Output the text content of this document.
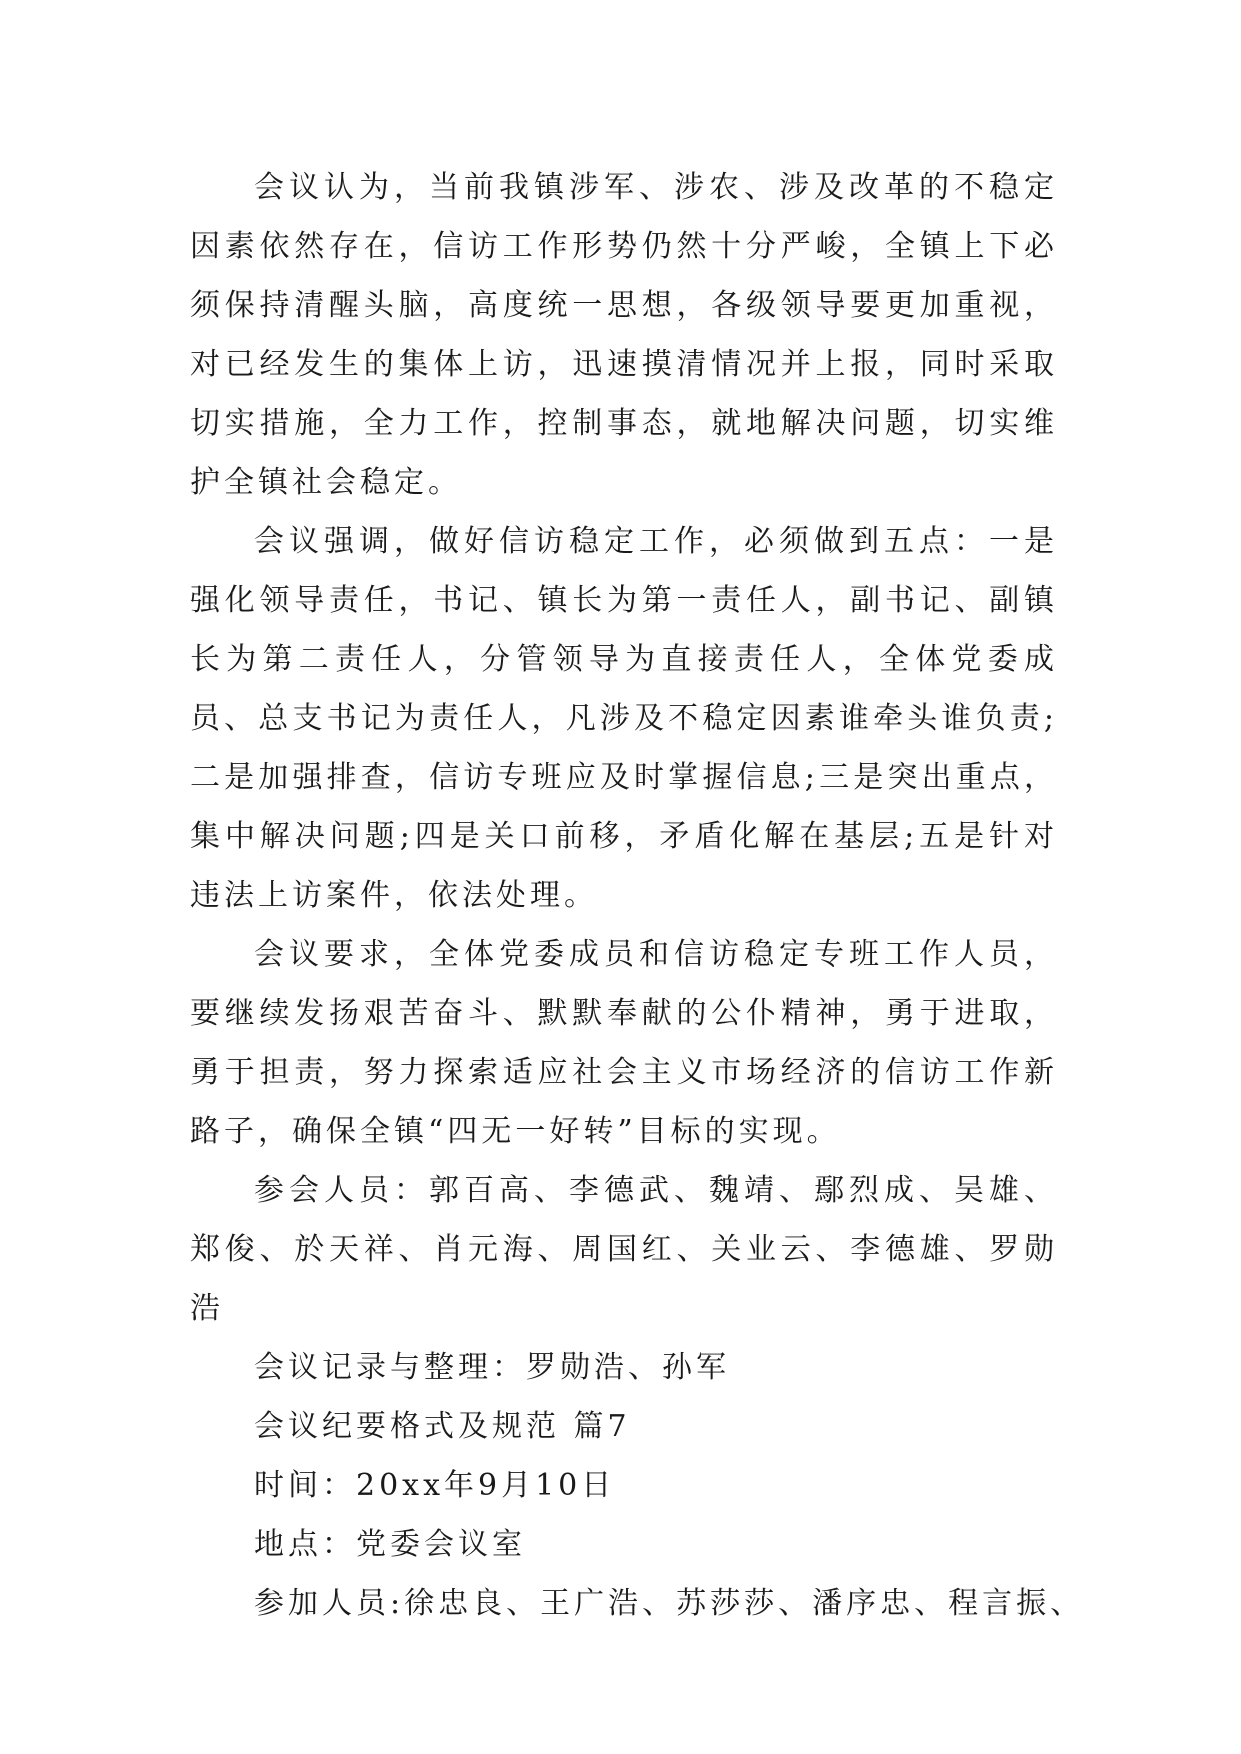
会议认为，当前我镇涉军、涉农、涉及改革的不稳定因素依然存在，信访工作形势仍然十分严峻，全镇上下必须保持清醒头脑，高度统一思想，各级领导要更加重视，对已经发生的集体上访，迅速摸清情况并上报，同时采取切实措施，全力工作，控制事态，就地解决问题，切实维护全镇社会稳定。

会议强调，做好信访稳定工作，必须做到五点：一是强化领导责任，书记、镇长为第一责任人，副书记、副镇长为第二责任人，分管领导为直接责任人，全体党委成员、总支书记为责任人，凡涉及不稳定因素谁牵头谁负责;二是加强排查，信访专班应及时掌握信息;三是突出重点，集中解决问题;四是关口前移，矛盾化解在基层;五是针对违法上访案件，依法处理。

会议要求，全体党委成员和信访稳定专班工作人员，要继续发扬艰苦奋斗、默默奉献的公仆精神，勇于进取，勇于担责，努力探索适应社会主义市场经济的信访工作新路子，确保全镇“四无一好转”目标的实现。

参会人员：郭百高、李德武、魏靖、鄢烈成、吴雄、郑俊、於天祥、肖元海、周国红、关业云、李德雄、罗勋浩

会议记录与整理：罗勋浩、孙军

会议纪要格式及规范 篇7

时间：20xx年9月10日

地点：党委会议室

参加人员:徐忠良、王广浩、苏莎莎、潘序忠、程言振、
